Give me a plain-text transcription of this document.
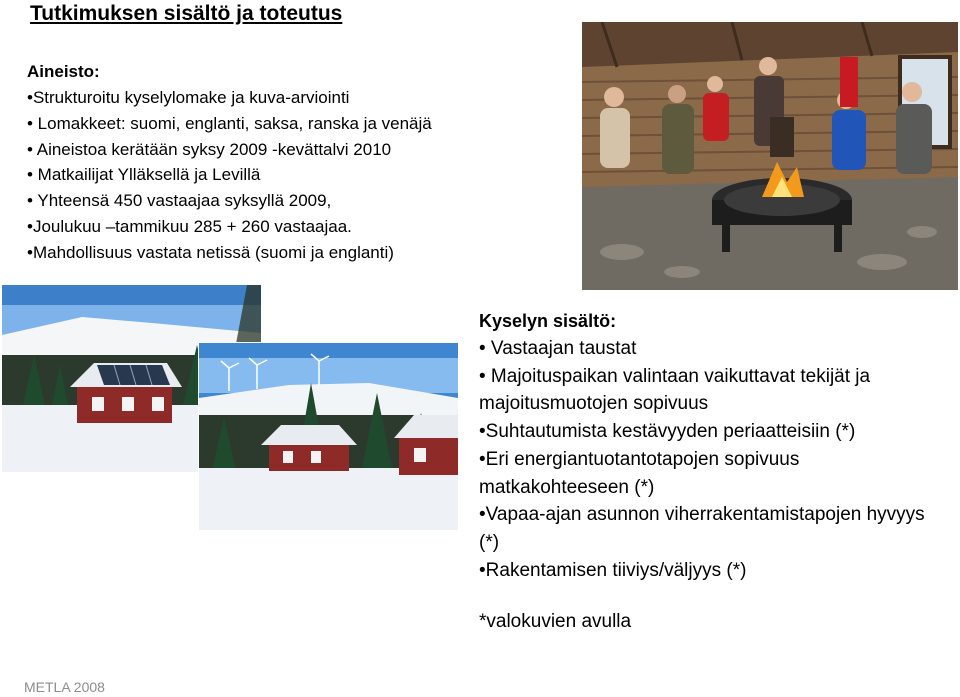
Tutkimuksen sisältö ja toteutus
Aineisto:
•Strukturoitu kyselylomake ja kuva-arviointi
• Lomakkeet: suomi, englanti, saksa, ranska ja venäjä
• Aineistoa kerätään syksy 2009 -kevättalvi 2010
• Matkailijat Ylläksellä ja Levillä
• Yhteensä 450 vastaajaa syksyllä 2009,
•Joulukuu –tammikuu 285 + 260 vastaajaa.
•Mahdollisuus vastata netissä (suomi ja englanti)
Kyselyn sisältö:
• Vastaajan taustat
• Majoituspaikan valintaan vaikuttavat tekijät ja majoitusmuotojen sopivuus
•Suhtautumista kestävyyden periaatteisiin (*)
•Eri energiantuotantotapojen sopivuus matkakohteeseen (*)
•Vapaa-ajan asunnon viherrakentamistapojen hyvyys (*)
•Rakentamisen tiiviys/väljyys (*)
*valokuvien avulla
METLA 2008
